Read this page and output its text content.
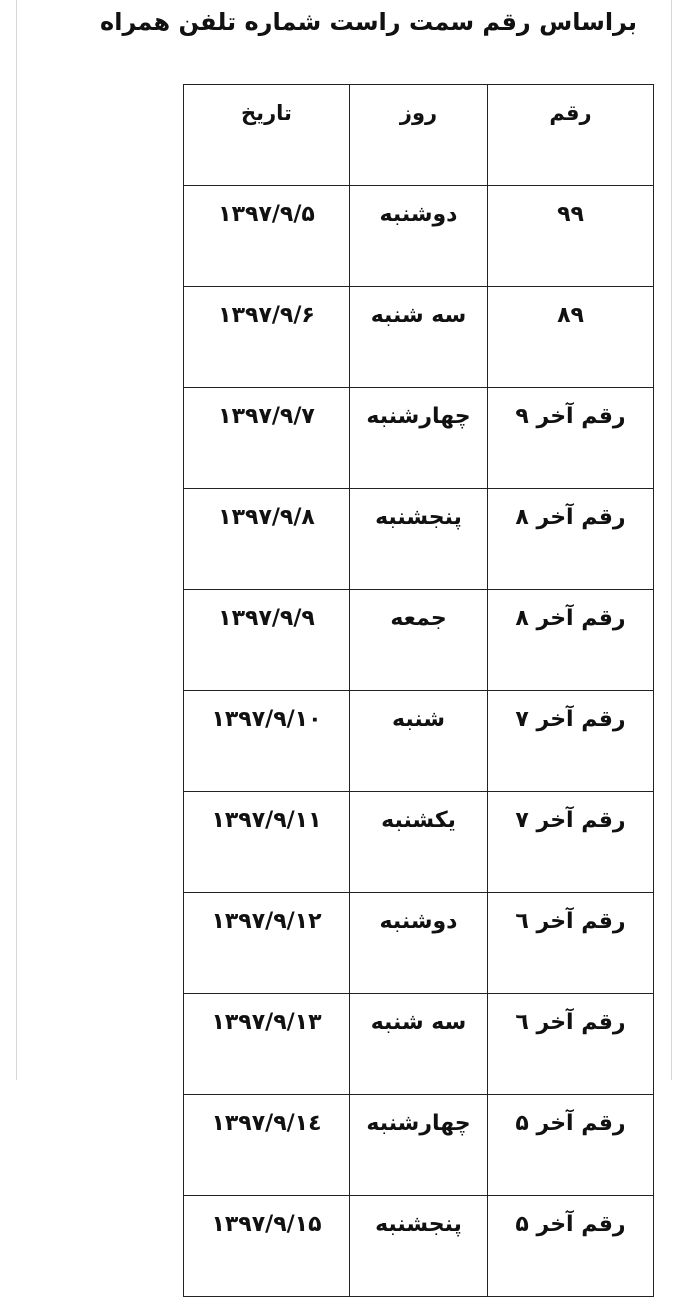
براساس رقم سمت راست شماره تلفن همراه
رقم	روز	تاریخ
۹۹	دوشنبه	۱۳۹۷/۹/۵
۸۹	سه شنبه	۱۳۹۷/۹/۶
رقم آخر ۹	چهارشنبه	۱۳۹۷/۹/۷
رقم آخر ۸	پنجشنبه	۱۳۹۷/۹/۸
رقم آخر ۸	جمعه	۱۳۹۷/۹/۹
رقم آخر ۷	شنبه	۱۳۹۷/۹/۱۰
رقم آخر ۷	یکشنبه	۱۳۹۷/۹/۱۱
رقم آخر ٦	دوشنبه	۱۳۹۷/۹/۱۲
رقم آخر ٦	سه شنبه	۱۳۹۷/۹/۱۳
رقم آخر ۵	چهارشنبه	۱۳۹۷/۹/۱٤
رقم آخر ۵	پنجشنبه	۱۳۹۷/۹/۱۵
